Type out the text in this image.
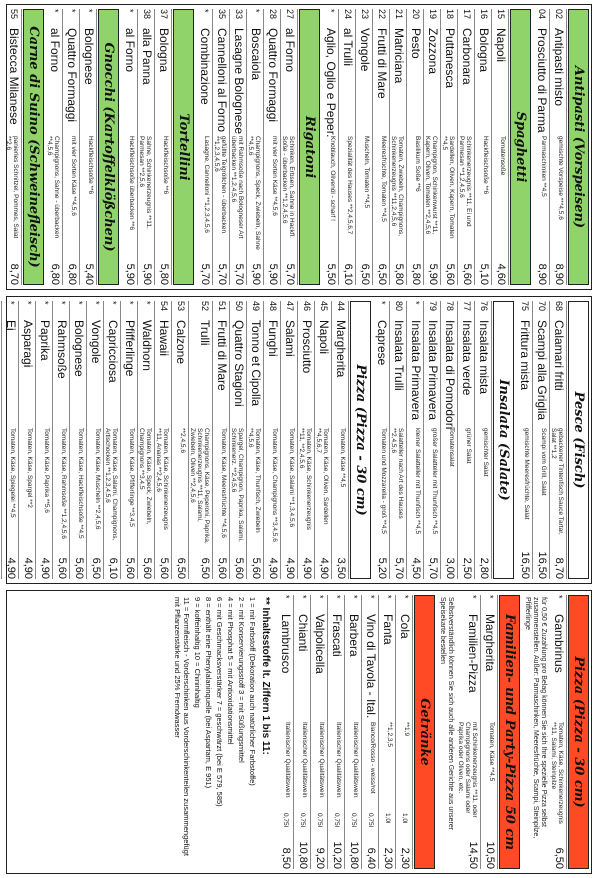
Antipasti (Vorspeisen)
02
Antipasti misto
gemischte Vorspeise ***4,5,6
8,90
04
Prosciutto di Parma
Parmaschinken **4,5
8,90
Spaghetti
15
Napoli
Tomatensoße
4,60
16
Bologna
Hackfleischsoße **6
5,10
17
Carbonara
Schinkenerzeugnis **11, Ei und Parmesan **1,2,4,5,6
5,60
18
Puttanesca
Sardellen, Oliven, Kapern, Tomaten **4,5
5,60
19
Zozzona
Champignon, Schinkenwurst **11, Kapern, Oliven, Tomaten **2,4,5,6
5,90
20
Pesto
Basilikum Soße **6
5,80
21
Matriciana
Tomaten, Zwiebeln, Champignons, Schinkenerzeugnis **11,2,4,5,6
5,80
22
Frutti di Mare
Meeresfrüchte, Tomaten **4,5
6,50
23
Vongole
Muscheln, Tomaten **4,5
6,50
24
al Trulli
Spezialität des Hauses **2,4,5,6,7
6,10
*
Aglio, Oglio e Peper.
Knoblauch, Olivenöl - scharf !
5,50
Rigatoni
27
al Forno
Schinken, Erbsen, Sahne in Hackfl. Soße - überbacken **1,2,4,5,6
5,70
28
Quattro Formaggi
mit vier Sorten Käse **4,5,6
5,90
*
Boscaiola
Champignons, Speck, Zwiebeln, Sahne **4,5,6
5,90
33
Lasagne Bolognese
mit Rahmsoße nach Bologneser Art überbacken **1,2,4,5,6
5,70
35
Cannelloni al Forno
gefüllte Teigröllchen - überbacken **1,2,3,4,5,6
5,70
*
Combinazione
Lasagne, Cannelloni **1,2,3,4,5,6
5,70
Tortellini
37
Bologna
Hackfleischsoße **6
5,80
38
alla Panna
Sahne, Schinkenerzeugnis **11, Parmesan **2,5,6
5,90
*
al Forno
Hackfleischsoße überbacken **6
5,90
Gnocchi (Kartoffelklößchen)
*
Bolognese
Hackfleischsoße **6
5,40
*
Quattro Formaggi
mit vier Sorten Käse **4,5,6
6,80
*
al Forno
Champignons, Sahne - überbacken **4,5,6
6,80
Carne di Suino (Schweinefleisch)
55
Bistecca Milanese
panierles Schnitzel, Pommes, Salat **2,6
8,70
Pesce (Fisch)
68
Calamari fritti
gebackener Tintenfisch Sauce Tartar, Salat **1,2
8,70
70
Scampi alla Griglia
Scampi vom Grill, Salat
16,50
75
Frittura mista
gemischte Meeresfrüchte, Salat
16,50
Insalata (Salate)
76
Insalata mista
gemischter Salat
2,80
77
Insalata verde
grüner Salat
2,50
78
Insalata di Pomodori
Tomatensalat
3,00
79
Insalata Primavera
großer Salatteller mit Thunfisch **4,5
5,70
*
Insalata Primavera
kleiner Salatteller mit Thunfisch **4,5
4,50
80
Insalata Trulli
Salatteller nach Art des Hauses **2,4,5,6
5,70
*
Caprese
Tomaten und Mozzarella - groß **4,5
5,20
Pizza (Pizza - 30 cm)
44
Margherita
Tomaten, Käse **4,5
3,50
45
Napoli
Tomaten, Käse, Oliven, Sardellen **4,5,6,7
4,90
46
Prosciutto
Tomaten, Käse, Schinkenerzeugnis **11, **2,4,5,6
4,90
47
Salami
Tomaten, Käse, Salami **1,3,4,5,6
4,90
48
Funghi
Tomaten, Käse, Champignons **3,4,5,6
4,90
49
Tonno et Cipolla
Tomaten, Käse, Thunfisch, Zwiebeln **4,5,6
5,60
50
Quattro Stagioni
Spargel, Champignon, Paprika, Salami, Schinkenerz. **2,4,5,6
5,60
51
Frutti di Mare
Tomaten, Käse, Meeresfrüchte **4,5,6
5,60
52
Trulli
Champignons, Käse, Peperoni, Paprika, Schinkenerzeugnis **11, Salami, Zwiebeln, Oliven **2,4,5,6
6,50
53
Calzone
**2,4,5,6
6,50
54
Hawaii
Tomaten, Käse, Schinkenerzeugnis **11, Ananas **2,4,5,6
5,60
*
Waldhorn
Tomaten, Käse, Speck, Zwiebeln, Champignons **3,4,5
5,60
*
Pfifferlinge
Tomaten, Käse, Pfifferlinge **3,4,5
5,60
*
Capricciosa
Tomaten, Käse, Salami, Champignons, Artischocken **1,2,3,4,5,6
6,10
*
Vongole
Tomaten, Käse, Muscheln **2,4,5,6
6,50
*
Bolognese
Tomaten, Käse, Hackfleischsoße **4,5
5,60
*
Rahmsoße
Tomaten, Käse, Rahmsoße **1,2,4,5,6
5,60
*
Paprika
Tomaten, Käse, Paprika **5,6
4,90
*
Asparagi
Tomaten, Käse, Spargel **2
4,90
*
Ei
Tomaten, Käse, Spiegelei **4,5
4,90
Pizza (Pizza - 30 cm)
*
Gambrinus
Tomaten, Käse, Schinkenerzeugnis **11, Salami, Steinpilze
6,50
für 0,50 € Zuzahlung pro Belag können Sie sich Ihre spezielle Pizza selbst zusammenstellen. Außer: Parmaschinken, Meeresfrüchte, Scampi, Steinpilze, Pfifferlinge
Familien- und Party-Pizza 50 cm
*
Margherita
Tomaten, Käse **4,5
10,50
*
Familien-Pizza
mit Schinkenerzeugnis **11, oder Champignons oder Salami oder Paprika oder Oliven, etc.
14,50
Selbstverständlich können Sie sich auch alle anderen Gerichte aus unserer Speisekarte bestellen
Getränke
*
Cola
**1,9
1,0l
2,30
*
Fanta
**1,2,3,5
1,0l
2,30
*
Vino di Tavola - Ital.
Bianco/Rosso - weiss/rot
0,75l
6,40
*
Barbera
Italienischer Qualitätswein
0,75l
10,80
*
Frascati
Italienischer Qualitätswein
0,75l
10,20
*
Valpolicella
Italienischer Qualitätswein
0,75l
9,20
*
Chianti
Italienischer Qualitätswein
0,75l
10,80
*
Lambrusco
Italienischer Qualitätswein
0,75l
8,50
** Inhaltsstoffe lt. Ziffern 1 bis 11:
1 = mit Farbstoff (Dekoration auch natürlicher Farbstoffe)
2 = mit Konservierungsstoff 3 = mit Süßungsmittel
4 = mit Phosphat 5 = mit Antioxidationsmittel
6 = mit Geschmacksverstärker 7 = geschwärzt (bei E 579, 585)
8 = enthält eine Phenylalaninquelle (bei Aspartam, E 951)
9 = koffeinhaltig 10 = Chininhaltig
11 = Formfleisch - Vorderschinken aus Vorderschinkenteilen zusammengefügt mit Pflanzenstärke und 25% Fremdwasser
